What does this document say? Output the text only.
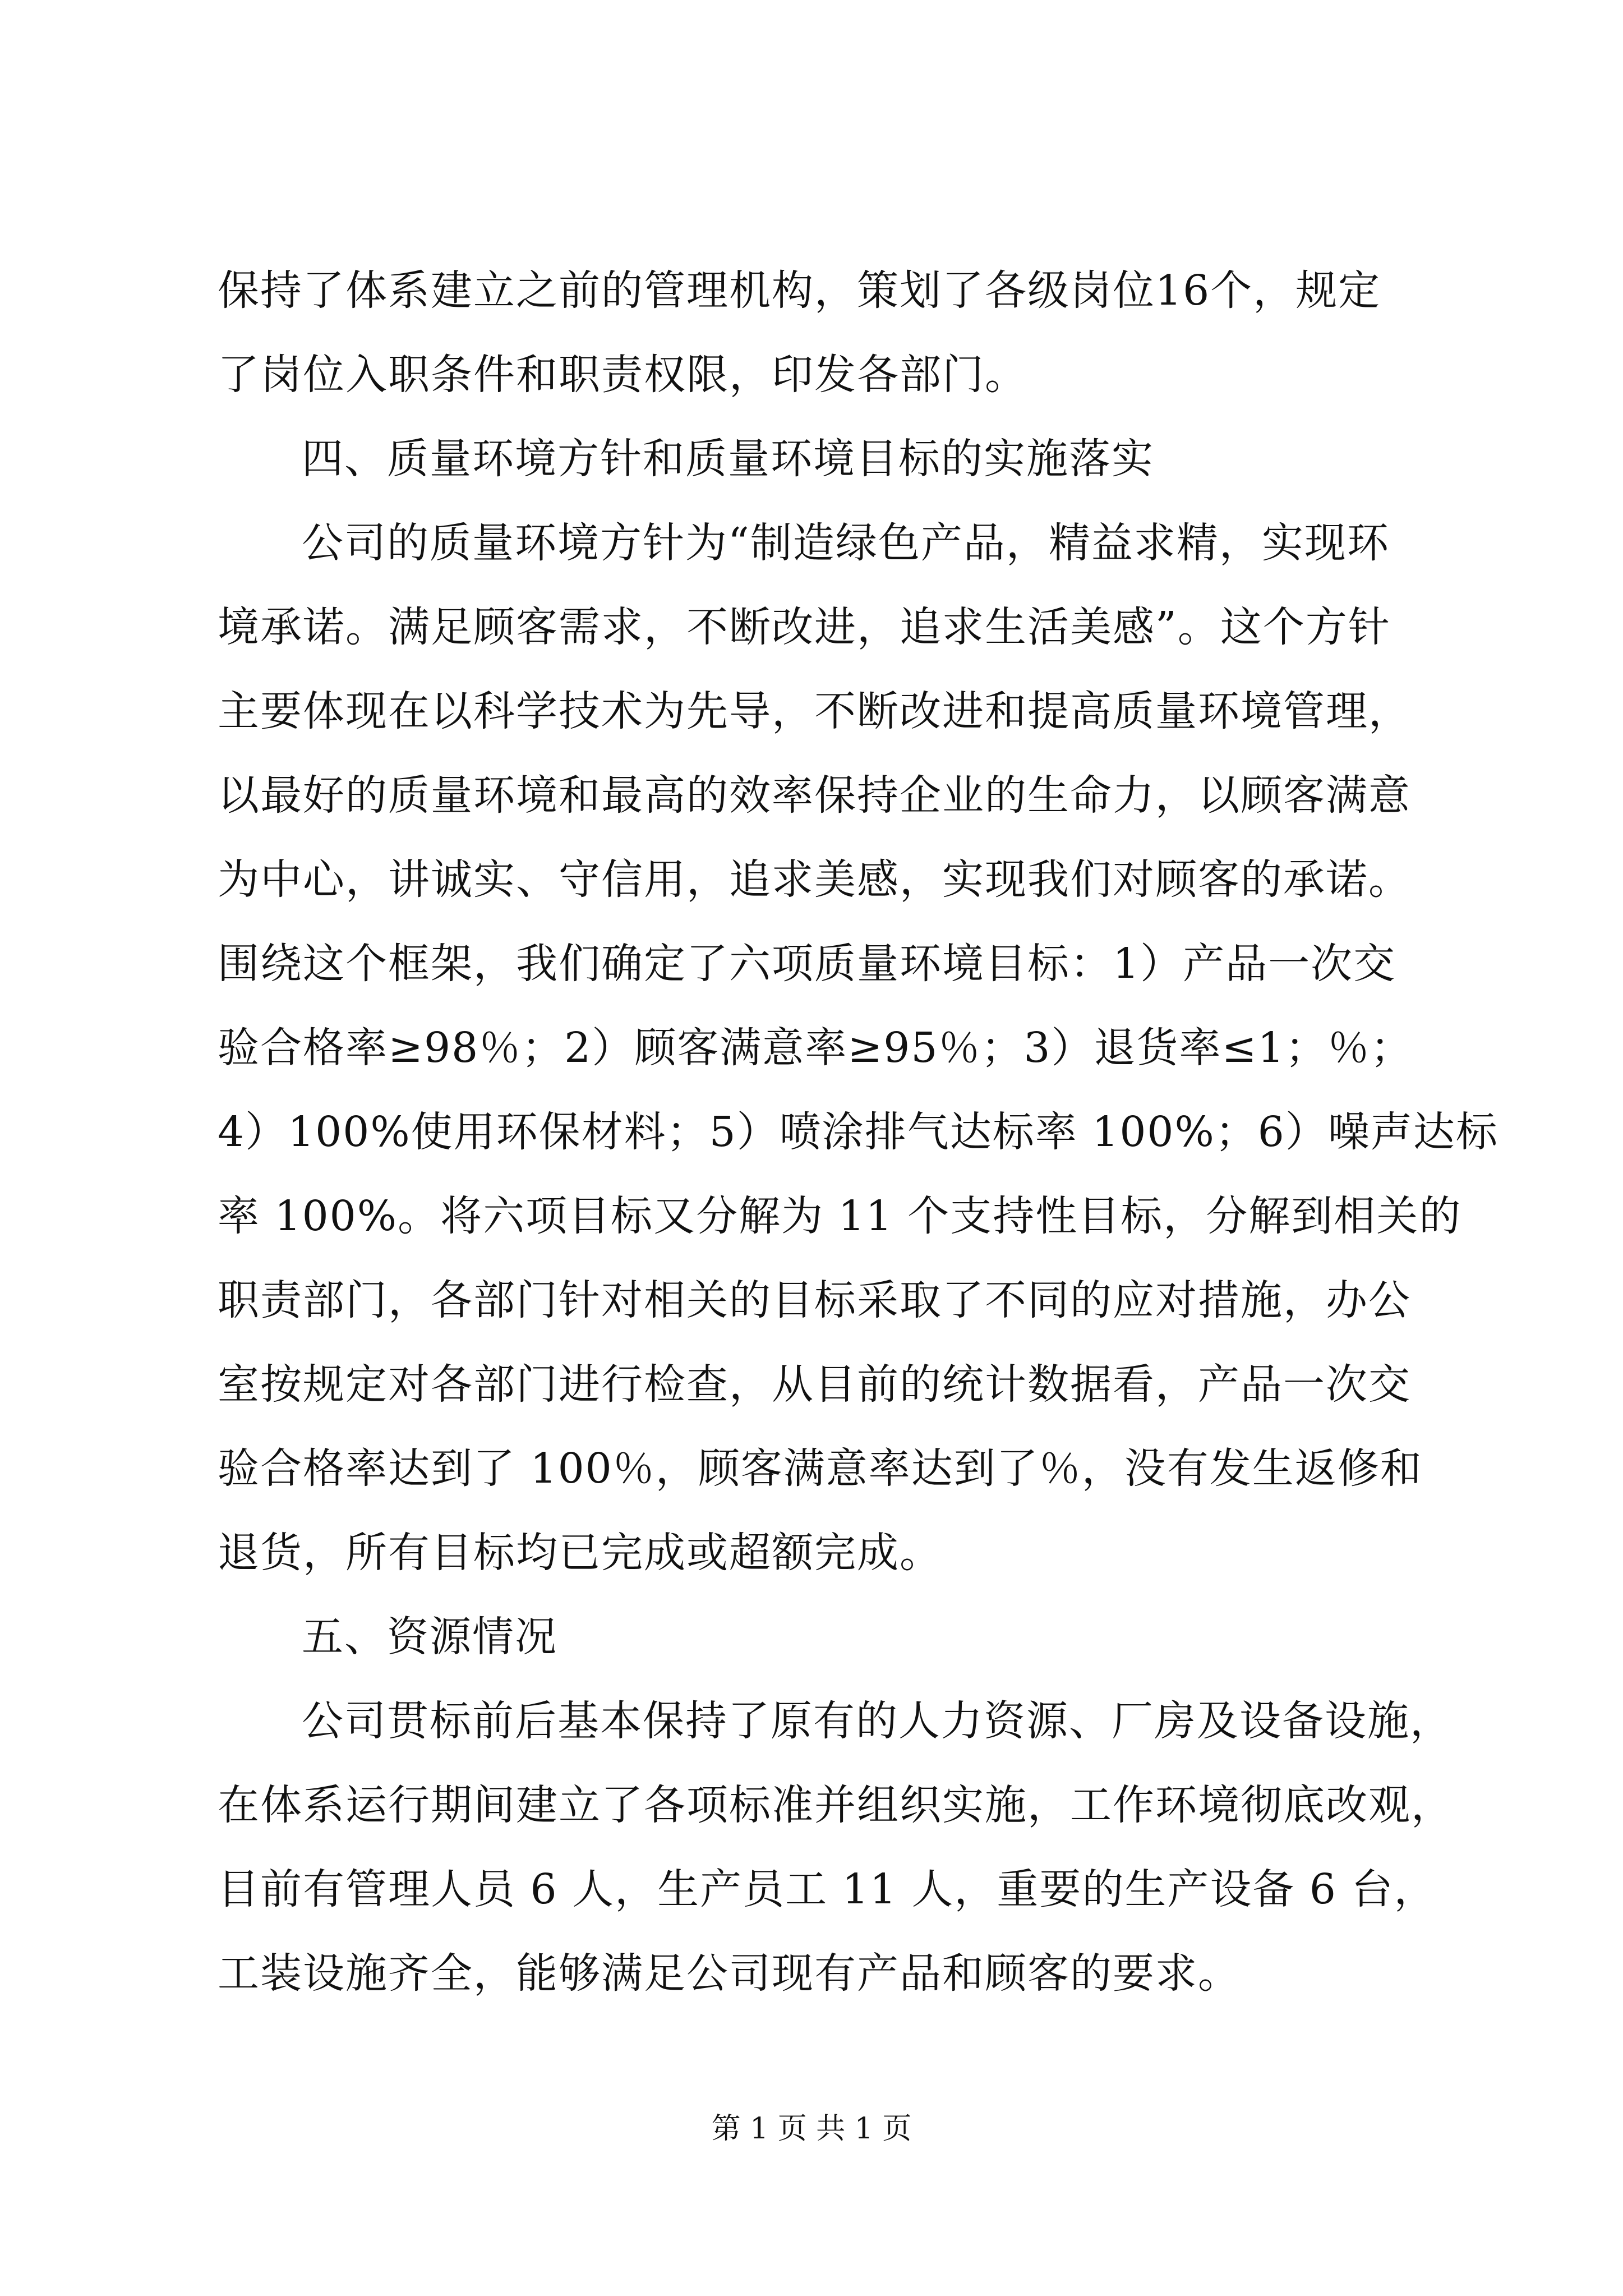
保持了体系建立之前的管理机构，策划了各级岗位16个，规定
了岗位入职条件和职责权限，印发各部门。
四、质量环境方针和质量环境目标的实施落实
公司的质量环境方针为“制造绿色产品，精益求精，实现环
境承诺。满足顾客需求，不断改进，追求生活美感”。这个方针
主要体现在以科学技术为先导，不断改进和提高质量环境管理，
以最好的质量环境和最高的效率保持企业的生命力，以顾客满意
为中心，讲诚实、守信用，追求美感，实现我们对顾客的承诺。
围绕这个框架，我们确定了六项质量环境目标：1）产品一次交
验合格率≥98％；2）顾客满意率≥95％；3）退货率≤1；％；
4）100%使用环保材料；5）喷涂排气达标率 100%；6）噪声达标
率 100%。将六项目标又分解为 11 个支持性目标，分解到相关的
职责部门，各部门针对相关的目标采取了不同的应对措施，办公
室按规定对各部门进行检查，从目前的统计数据看，产品一次交
验合格率达到了 100％，顾客满意率达到了％，没有发生返修和
退货，所有目标均已完成或超额完成。
五、资源情况
公司贯标前后基本保持了原有的人力资源、厂房及设备设施，
在体系运行期间建立了各项标准并组织实施，工作环境彻底改观，
目前有管理人员 6 人，生产员工 11 人，重要的生产设备 6 台，
工装设施齐全，能够满足公司现有产品和顾客的要求。
第 1 页 共 1 页
